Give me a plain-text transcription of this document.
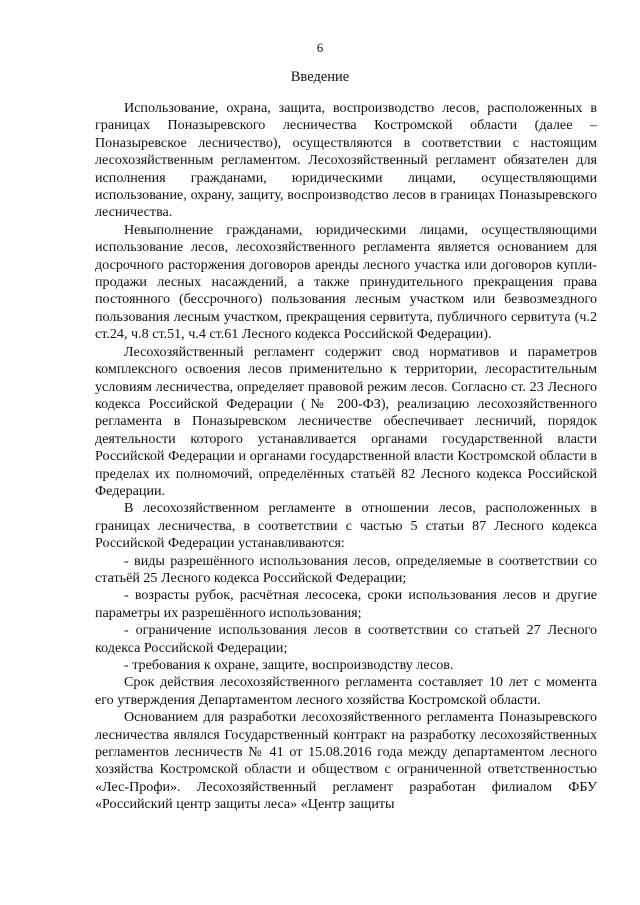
6
Введение

Использование, охрана, защита, воспроизводство лесов, расположенных в границах Поназыревского лесничества Костромской области (далее – Поназыревское лесничество), осуществляются в соответствии с настоящим лесохозяйственным регламентом. Лесохозяйственный регламент обязателен для исполнения гражданами, юридическими лицами, осуществляющими использование, охрану, защиту, воспроизводство лесов в границах Поназыревского лесничества.

Невыполнение гражданами, юридическими лицами, осуществляющими использование лесов, лесохозяйственного регламента является основанием для досрочного расторжения договоров аренды лесного участка или договоров купли-продажи лесных насаждений, а также принудительного прекращения права постоянного (бессрочного) пользования лесным участком или безвозмездного пользования лесным участком, прекращения сервитута, публичного сервитута (ч.2 ст.24, ч.8 ст.51, ч.4 ст.61 Лесного кодекса Российской Федерации).

Лесохозяйственный регламент содержит свод нормативов и параметров комплексного освоения лесов применительно к территории, лесорастительным условиям лесничества, определяет правовой режим лесов. Согласно ст. 23 Лесного кодекса Российской Федерации (№ 200-ФЗ), реализацию лесохозяйственного регламента в Поназыревском лесничестве обеспечивает лесничий, порядок деятельности которого устанавливается органами государственной власти Российской Федерации и органами государственной власти Костромской области в пределах их полномочий, определённых статьёй 82 Лесного кодекса Российской Федерации.

В лесохозяйственном регламенте в отношении лесов, расположенных в границах лесничества, в соответствии с частью 5 статьи 87 Лесного кодекса Российской Федерации устанавливаются:

- виды разрешённого использования лесов, определяемые в соответствии со статьёй 25 Лесного кодекса Российской Федерации;

- возрасты рубок, расчётная лесосека, сроки использования лесов и другие параметры их разрешённого использования;

- ограничение использования лесов в соответствии со статьей 27 Лесного кодекса Российской Федерации;

- требования к охране, защите, воспроизводству лесов.

Срок действия лесохозяйственного регламента составляет 10 лет с момента его утверждения Департаментом лесного хозяйства Костромской области.

Основанием для разработки лесохозяйственного регламента Поназыревского лесничества являлся Государственный контракт на разработку лесохозяйственных регламентов лесничеств № 41 от 15.08.2016 года между департаментом лесного хозяйства Костромской области и обществом с ограниченной ответственностью «Лес-Профи». Лесохозяйственный регламент разработан филиалом ФБУ «Российский центр защиты леса» «Центр защиты
